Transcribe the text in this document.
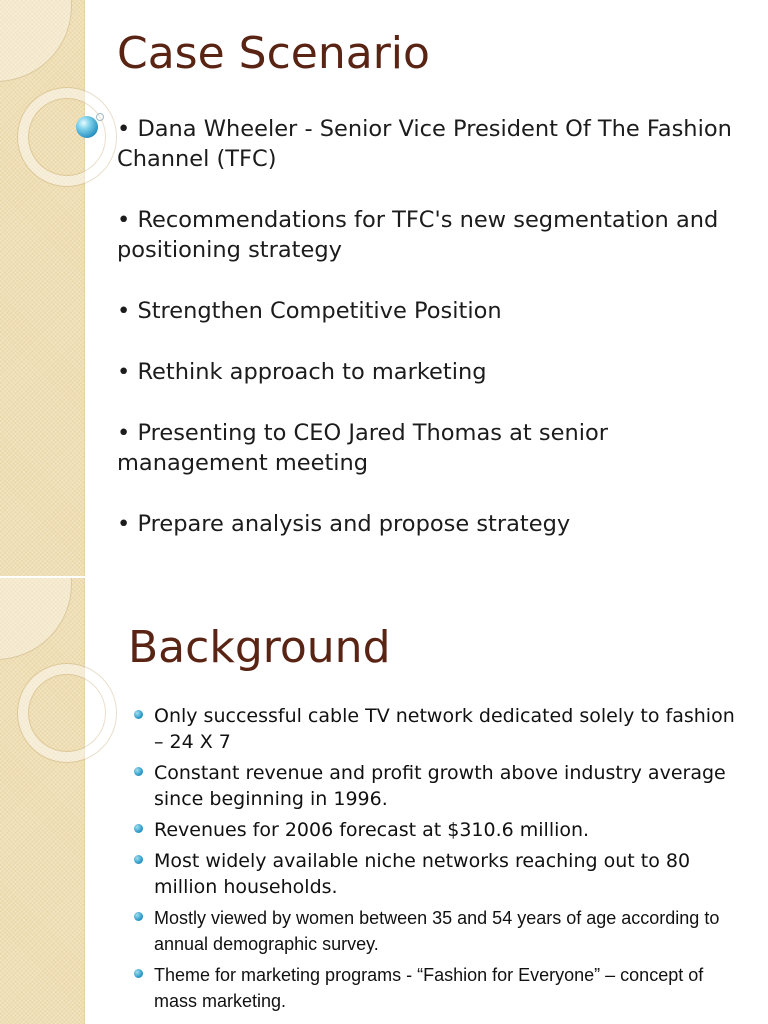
Case Scenario
• Dana Wheeler - Senior Vice President Of The Fashion Channel (TFC)
• Recommendations for TFC's new segmentation and positioning strategy
• Strengthen Competitive Position
• Rethink approach to marketing
• Presenting to CEO Jared Thomas at senior management meeting
• Prepare analysis and propose strategy
Background
Only successful cable TV network dedicated solely to fashion – 24 X 7
Constant revenue and profit growth above industry average since beginning in 1996.
Revenues for 2006 forecast at $310.6 million.
Most widely available niche networks reaching out to 80 million households.
Mostly viewed by women between 35 and 54 years of age according to annual demographic survey.
Theme for marketing programs - “Fashion for Everyone” – concept of mass marketing.
